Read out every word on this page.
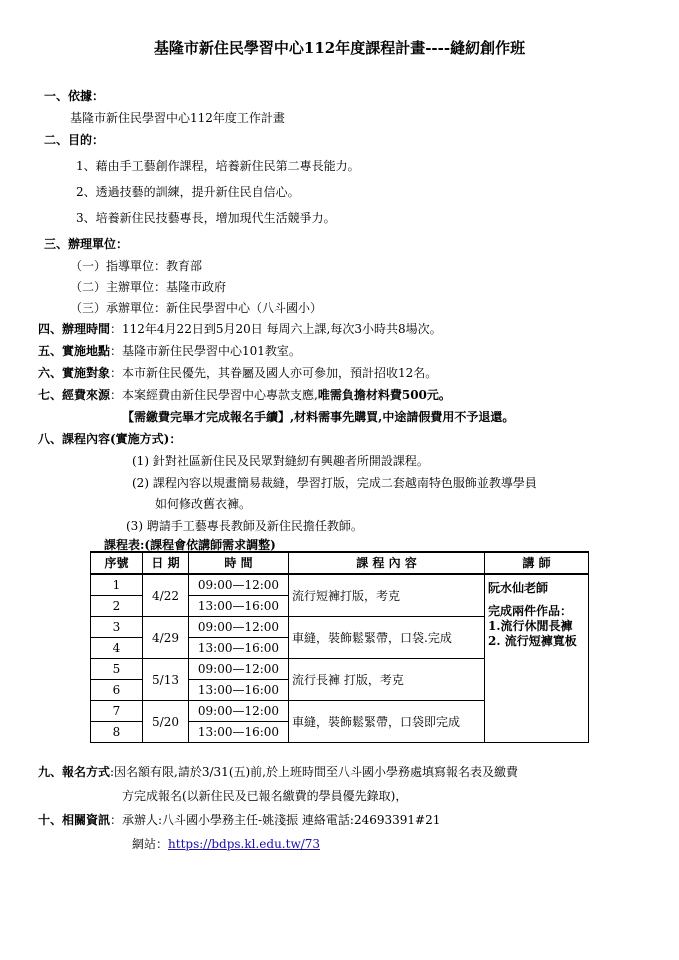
基隆市新住民學習中心112年度課程計畫----縫紉創作班
一、依據：
基隆市新住民學習中心112年度工作計畫
二、目的：
1、藉由手工藝創作課程，培養新住民第二專長能力。
2、透過技藝的訓練，提升新住民自信心。
3、培養新住民技藝專長，增加現代生活競爭力。
三、辦理單位：
（一）指導單位：教育部
（二）主辦單位：基隆市政府
（三）承辦單位：新住民學習中心（八斗國小）
四、辦理時間：112年4月22日到5月20日 每周六上課,每次3小時共8場次。
五、實施地點：基隆市新住民學習中心101教室。
六、實施對象：本市新住民優先，其眷屬及國人亦可參加，預計招收12名。
七、經費來源：本案經費由新住民學習中心專款支應,唯需負擔材料費500元。
【需繳費完畢才完成報名手續】,材料需事先購買,中途請假費用不予退還。
八、課程內容(實施方式)：
(1) 針對社區新住民及民眾對縫紉有興趣者所開設課程。
(2) 課程內容以規畫簡易裁縫，學習打版，完成二套越南特色服飾並教導學員
如何修改舊衣褲。
(3) 聘請手工藝專長教師及新住民擔任教師。
課程表:(課程會依講師需求調整)
序號	日 期	時 間	課 程 內 容	講 師
1	4/22	09:00—12:00	流行短褲打版，考克	阮水仙老師
完成兩件作品：
1.流行休閒長褲
2. 流行短褲寬板

2		13:00—16:00		
3	4/29	09:00—12:00	車縫，裝飾鬆緊帶，口袋.完成	
4		13:00—16:00		
5	5/13	09:00—12:00	流行長褲 打版，考克	
6		13:00—16:00		
7	5/20	09:00—12:00	車縫，裝飾鬆緊帶，口袋即完成	
8		13:00—16:00		
九、報名方式:因名額有限,請於3/31(五)前,於上班時間至八斗國小學務處填寫報名表及繳費
方完成報名(以新住民及已報名繳費的學員優先錄取)，
十、相關資訊：承辦人:八斗國小學務主任-姚淺振 連絡電話:24693391#21
網站：https://bdps.kl.edu.tw/73
